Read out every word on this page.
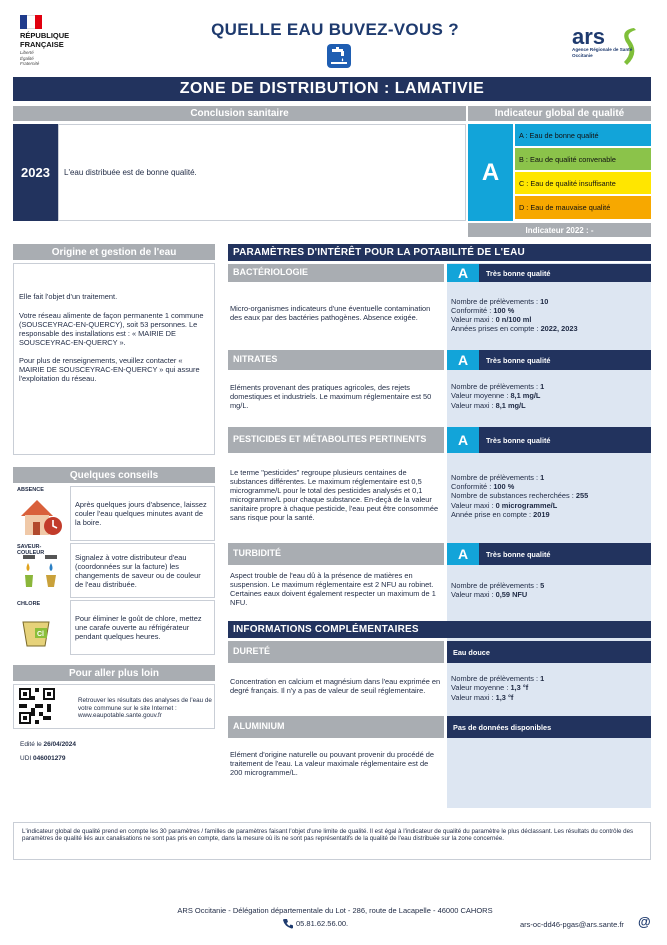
RÉPUBLIQUE
FRANÇAISE
Liberté
Égalité
Fraternité
QUELLE EAU BUVEZ-VOUS ?	ars
Agence Régionale de Santé
Occitanie
ZONE DE DISTRIBUTION : LAMATIVIE
Conclusion sanitaire	Indicateur global de qualité
2023	L'eau distribuée est de bonne qualité.	A
A : Eau de bonne qualité
B : Eau de qualité convenable
C : Eau de qualité insuffisante
D : Eau de mauvaise qualité
Indicateur 2022 : -
Origine et gestion de l'eau

Elle fait l'objet d'un traitement.

Votre réseau alimente de façon permanente 1 commune (SOUSCEYRAC-EN-QUERCY), soit 53 personnes. Le responsable des installations est : « MAIRIE DE SOUSCEYRAC-EN-QUERCY ».

Pour plus de renseignements, veuillez contacter « MAIRIE DE SOUSCEYRAC-EN-QUERCY » qui assure l'exploitation du réseau.

Quelques conseils
ABSENCE
Après quelques jours d'absence, laissez couler l'eau quelques minutes avant de la boire.
SAVEUR-COULEUR	Signalez à votre distributeur d'eau (coordonnées sur la facture) les changements de saveur ou de couleur de l'eau distribuée.
CHLORE
Cl
Pour éliminer le goût de chlore, mettez une carafe ouverte au réfrigérateur pendant quelques heures.
Pour aller plus loin
Retrouver les résultats des analyses de l'eau de votre commune sur le site Internet : www.eaupotable.sante.gouv.fr
Edité le 26/04/2024
UDI 046001279
PARAMÈTRES D'INTÉRÊT POUR LA POTABILITÉ DE L'EAU
BACTÉRIOLOGIE	A	Très bonne qualité
Micro-organismes indicateurs d'une éventuelle contamination des eaux par des bactéries pathogènes. Absence exigée.
Nombre de prélèvements : 10
Conformité : 100 %
Valeur maxi : 0 n/100 ml
Années prises en compte : 2022, 2023
NITRATES	A	Très bonne qualité
Eléments provenant des pratiques agricoles, des rejets domestiques et industriels. Le maximum réglementaire est 50 mg/L.
Nombre de prélèvements : 1
Valeur moyenne : 8,1 mg/L
Valeur maxi : 8,1 mg/L
PESTICIDES ET MÉTABOLITES PERTINENTS	A	Très bonne qualité
Le terme "pesticides" regroupe plusieurs centaines de substances différentes. Le maximum réglementaire est 0,5 microgramme/L pour le total des pesticides analysés et 0,1 microgramme/L pour chaque substance. En-deçà de la valeur sanitaire propre à chaque pesticide, l'eau peut être consommée sans risque pour la santé.
Nombre de prélèvements : 1
Conformité : 100 %
Nombre de substances recherchées : 255
Valeur maxi : 0 microgramme/L
Année prise en compte : 2019
TURBIDITÉ	A	Très bonne qualité
Aspect trouble de l'eau dû à la présence de matières en suspension. Le maximum réglementaire est 2 NFU au robinet. Certaines eaux doivent également respecter un maximum de 1 NFU.
Nombre de prélèvements : 5
Valeur maxi : 0,59 NFU
INFORMATIONS COMPLÉMENTAIRES
DURETÉ	Eau douce
Concentration en calcium et magnésium dans l'eau exprimée en degré français. Il n'y a pas de valeur de seuil réglementaire.
Nombre de prélèvements : 1
Valeur moyenne : 1,3 °f
Valeur maxi : 1,3 °f
ALUMINIUM	Pas de données disponibles
Elément d'origine naturelle ou pouvant provenir du procédé de traitement de l'eau. La valeur maximale réglementaire est de 200 microgramme/L.
L'indicateur global de qualité prend en compte les 30 paramètres / familles de paramètres faisant l'objet d'une limite de qualité. Il est égal à l'indicateur de qualité du paramètre le plus déclassant. Les résultats du contrôle des paramètres de qualité liés aux canalisations ne sont pas pris en compte, dans la mesure où ils ne sont pas représentatifs de la qualité de l'eau distribuée sur la zone concernée.
ARS Occitanie - Délégation départementale du Lot - 286, route de Lacapelle - 46000 CAHORS
05.81.62.56.00.	ars-oc-dd46-pgas@ars.sante.fr @
